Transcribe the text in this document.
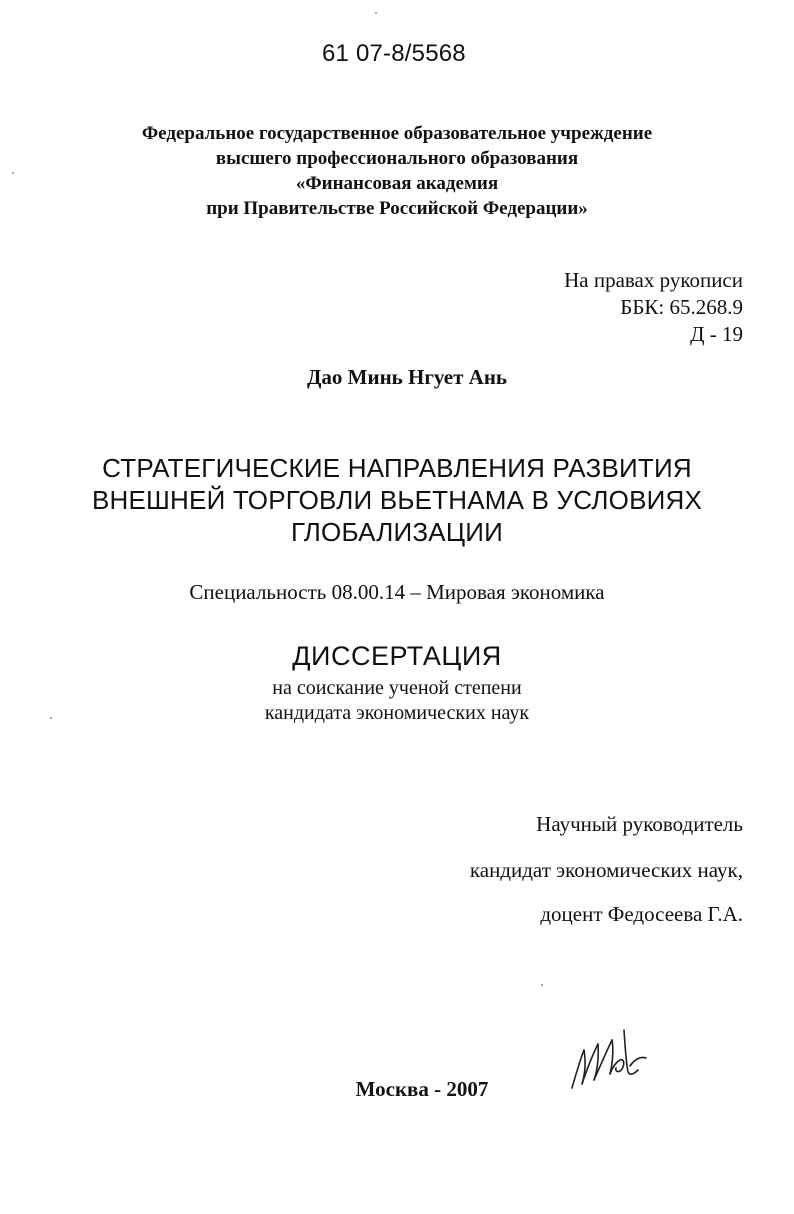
61 07-8/5568
Федеральное государственное образовательное учреждение
высшего профессионального образования
«Финансовая академия
при Правительстве Российской Федерации»
На правах рукописи
ББК: 65.268.9
Д - 19
Дао Минь Нгует Ань
СТРАТЕГИЧЕСКИЕ НАПРАВЛЕНИЯ РАЗВИТИЯ
ВНЕШНЕЙ ТОРГОВЛИ ВЬЕТНАМА В УСЛОВИЯХ
ГЛОБАЛИЗАЦИИ
Специальность 08.00.14 – Мировая экономика
ДИССЕРТАЦИЯ
на соискание ученой степени
кандидата экономических наук
Научный руководитель
кандидат экономических наук,
доцент Федосеева Г.А.
Москва - 2007
